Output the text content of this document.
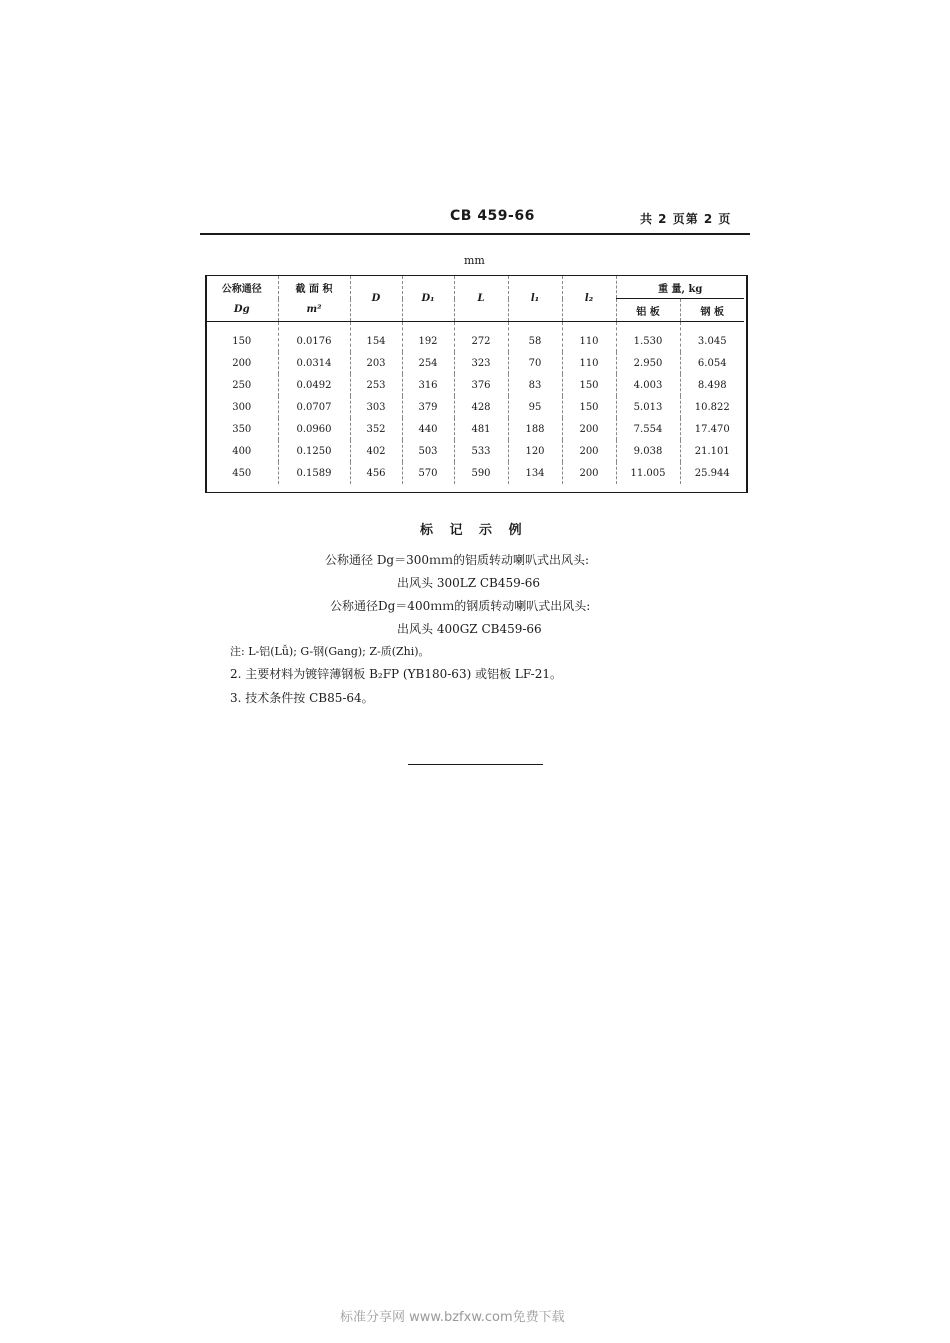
CB 459-66	共 2 页第 2 页
mm
公称通径	截 面 积	D	D₁	L	l₁	l₂	重 量, kg	
Dg	m²						铝 板	钢 板
150	0.0176	154	192	272	58	110	1.530	3.045
200	0.0314	203	254	323	70	110	2.950	6.054
250	0.0492	253	316	376	83	150	4.003	8.498
300	0.0707	303	379	428	95	150	5.013	10.822
350	0.0960	352	440	481	188	200	7.554	17.470
400	0.1250	402	503	533	120	200	9.038	21.101
450	0.1589	456	570	590	134	200	11.005	25.944
标 记 示 例
公称通径 Dg＝300ｍｍ的铝质转动喇叭式出风头:
出风头 300LZ CB459-66
公称通径Dg＝400ｍｍ的钢质转动喇叭式出风头:
出风头 400GZ CB459-66
注: L-铝(Lǚ); G-钢(Gang); Z-质(Zhi)。
2. 主要材料为镀锌薄钢板 B₂FP (YB180-63) 或铝板 LF-21。
3. 技术条件按 CB85-64。
标准分享网 www.bzfxw.com免费下载
